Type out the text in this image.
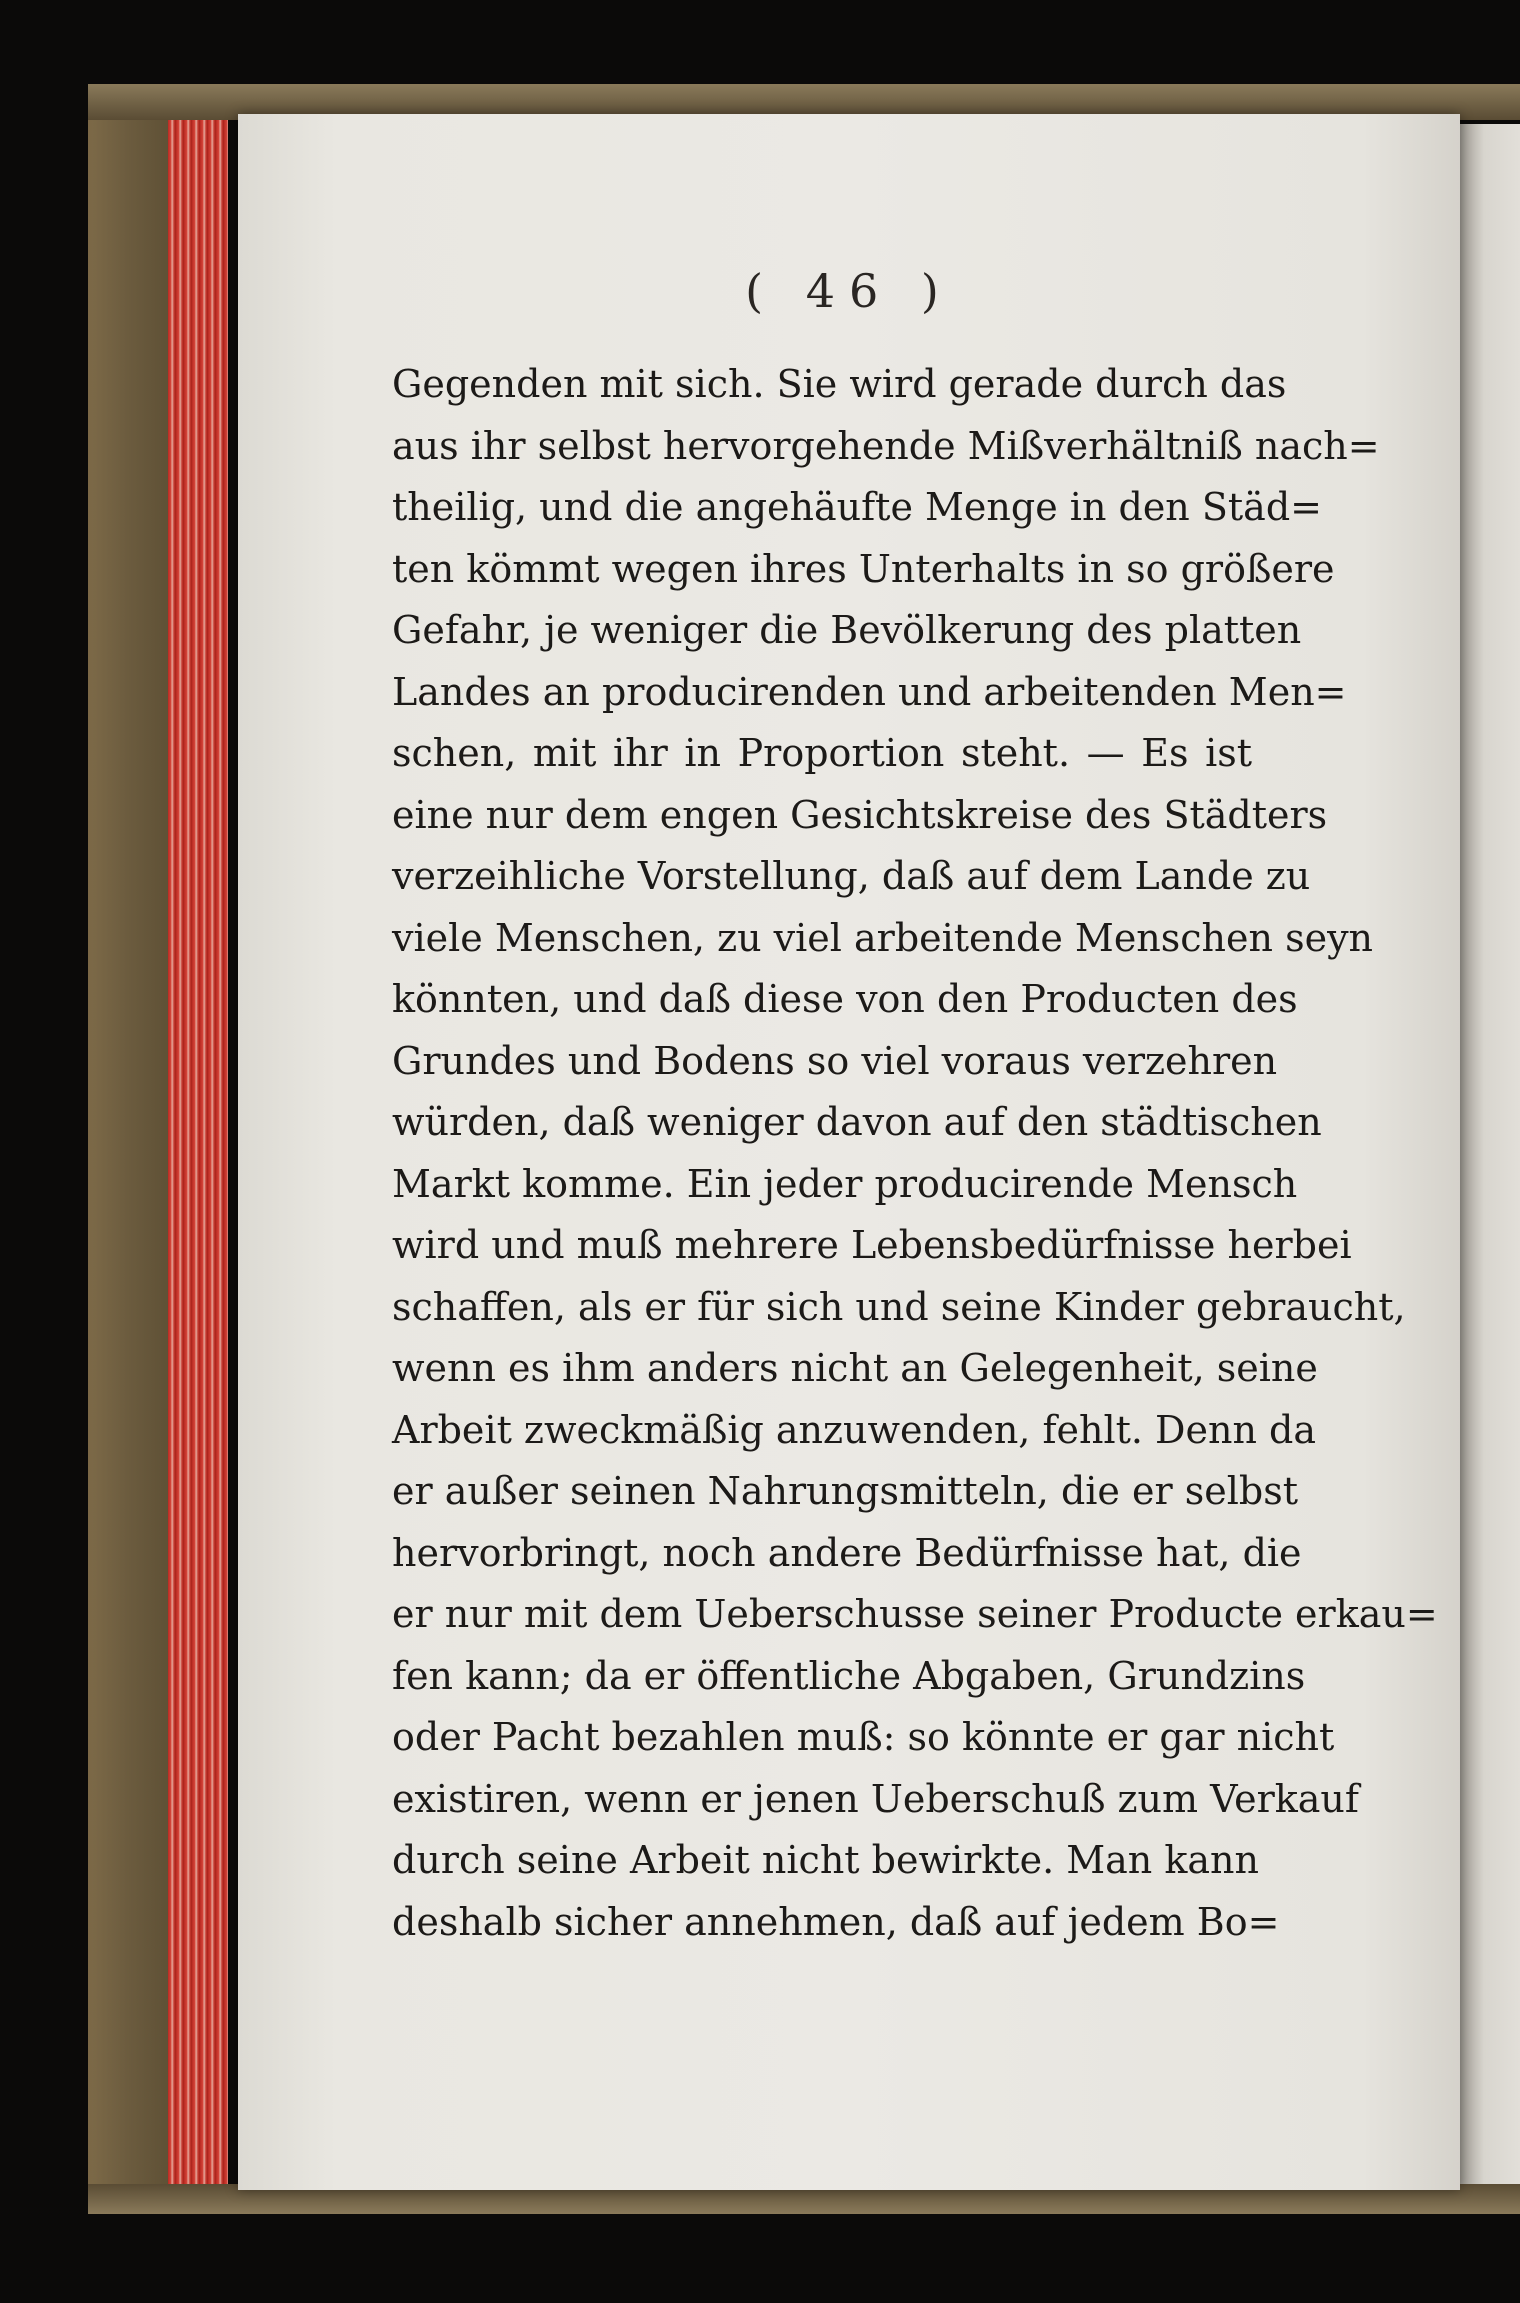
( 46 )
Gegenden mit sich. Sie wird gerade durch das
aus ihr selbst hervorgehende Mißverhältniß nach=
theilig, und die angehäufte Menge in den Städ=
ten kömmt wegen ihres Unterhalts in so größere
Gefahr, je weniger die Bevölkerung des platten
Landes an producirenden und arbeitenden Men=
schen, mit ihr in Proportion steht. — Es ist
eine nur dem engen Gesichtskreise des Städters
verzeihliche Vorstellung, daß auf dem Lande zu
viele Menschen, zu viel arbeitende Menschen seyn
könnten, und daß diese von den Producten des
Grundes und Bodens so viel voraus verzehren
würden, daß weniger davon auf den städtischen
Markt komme. Ein jeder producirende Mensch
wird und muß mehrere Lebensbedürfnisse herbei
schaffen, als er für sich und seine Kinder gebraucht,
wenn es ihm anders nicht an Gelegenheit, seine
Arbeit zweckmäßig anzuwenden, fehlt. Denn da
er außer seinen Nahrungsmitteln, die er selbst
hervorbringt, noch andere Bedürfnisse hat, die
er nur mit dem Ueberschusse seiner Producte erkau=
fen kann; da er öffentliche Abgaben, Grundzins
oder Pacht bezahlen muß: so könnte er gar nicht
existiren, wenn er jenen Ueberschuß zum Verkauf
durch seine Arbeit nicht bewirkte. Man kann
deshalb sicher annehmen, daß auf jedem Bo=
